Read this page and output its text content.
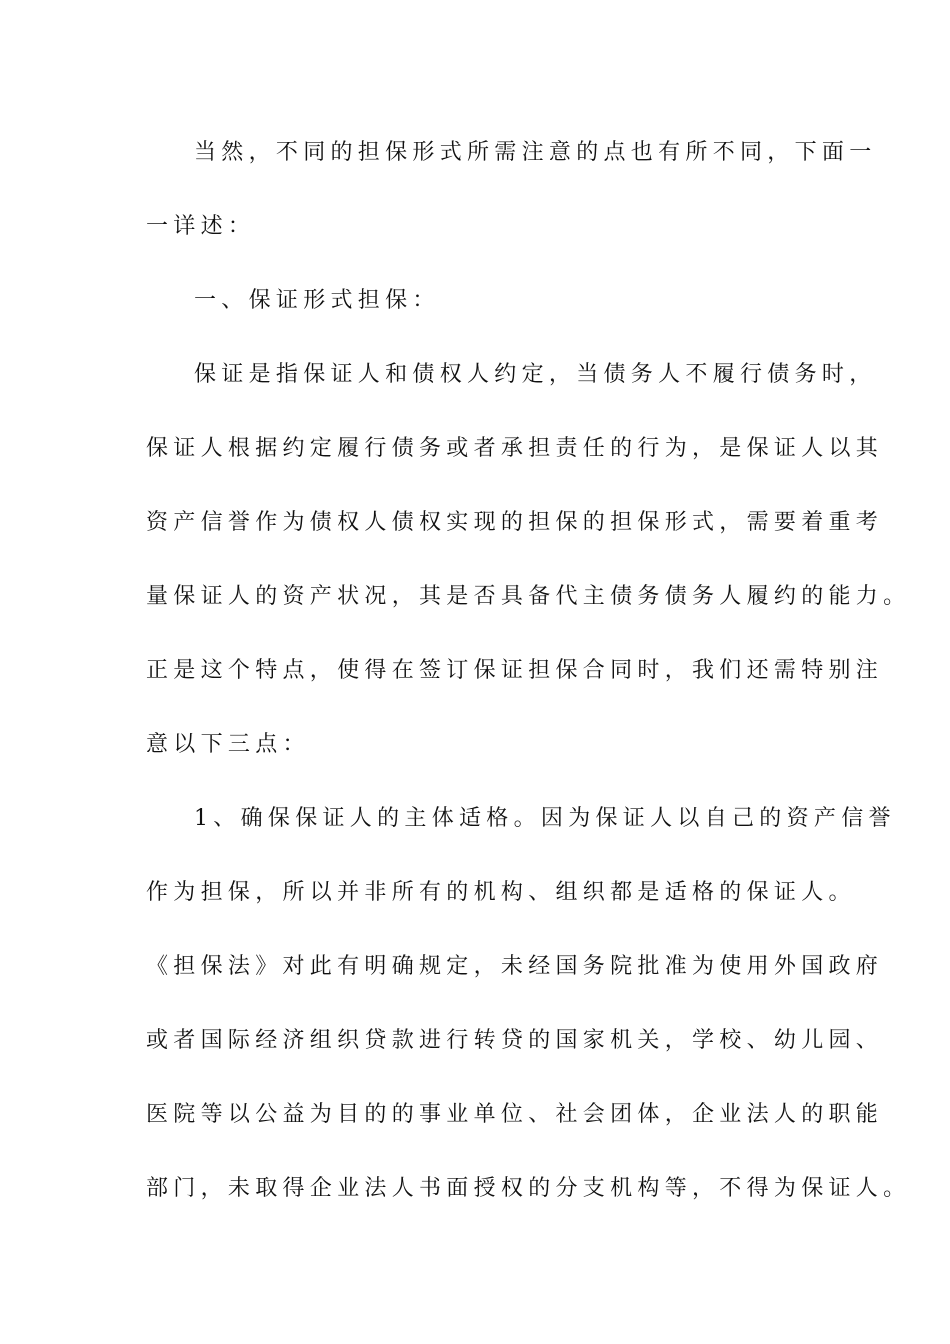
当然，不同的担保形式所需注意的点也有所不同，下面一
一详述：
一、保证形式担保：
保证是指保证人和债权人约定，当债务人不履行债务时，
保证人根据约定履行债务或者承担责任的行为，是保证人以其
资产信誉作为债权人债权实现的担保的担保形式，需要着重考
量保证人的资产状况，其是否具备代主债务债务人履约的能力。
正是这个特点，使得在签订保证担保合同时，我们还需特别注
意以下三点：
1、确保保证人的主体适格。因为保证人以自己的资产信誉
作为担保，所以并非所有的机构、组织都是适格的保证人。
《担保法》对此有明确规定，未经国务院批准为使用外国政府
或者国际经济组织贷款进行转贷的国家机关，学校、幼儿园、
医院等以公益为目的的事业单位、社会团体，企业法人的职能
部门，未取得企业法人书面授权的分支机构等，不得为保证人。
